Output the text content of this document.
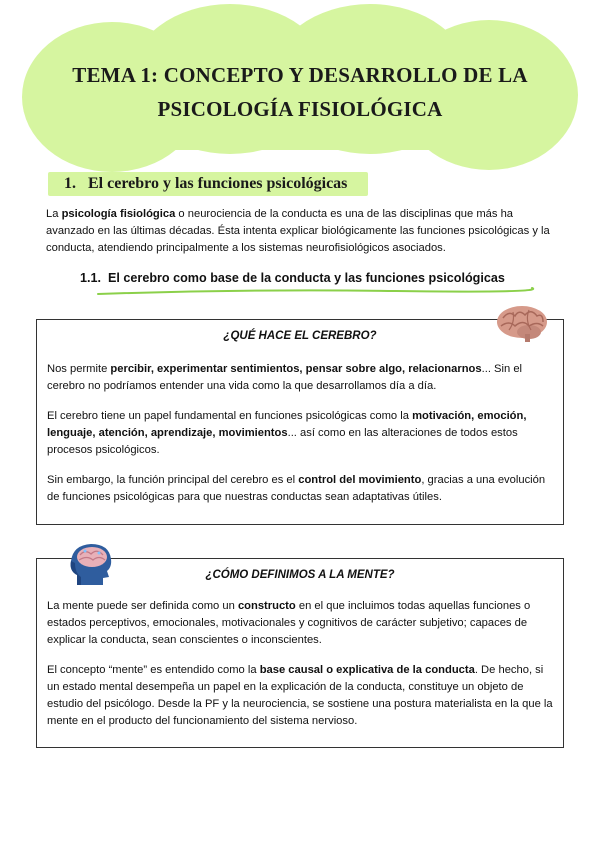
TEMA 1: CONCEPTO Y DESARROLLO DE LA
PSICOLOGÍA FISIOLÓGICA
1. El cerebro y las funciones psicológicas
La psicología fisiológica o neurociencia de la conducta es una de las disciplinas que más ha avanzado en las últimas décadas. Ésta intenta explicar biológicamente las funciones psicológicas y la conducta, atendiendo principalmente a los sistemas neurofisiológicos asociados.
1.1. El cerebro como base de la conducta y las funciones psicológicas
¿QUÉ HACE EL CEREBRO?

Nos permite percibir, experimentar sentimientos, pensar sobre algo, relacionarnos... Sin el cerebro no podríamos entender una vida como la que desarrollamos día a día.

El cerebro tiene un papel fundamental en funciones psicológicas como la motivación, emoción, lenguaje, atención, aprendizaje, movimientos... así como en las alteraciones de todos estos procesos psicológicos.

Sin embargo, la función principal del cerebro es el control del movimiento, gracias a una evolución de funciones psicológicas para que nuestras conductas sean adaptativas útiles.

¿CÓMO DEFINIMOS A LA MENTE?

La mente puede ser definida como un constructo en el que incluimos todas aquellas funciones o estados perceptivos, emocionales, motivacionales y cognitivos de carácter subjetivo; capaces de explicar la conducta, sean conscientes o inconscientes.

El concepto “mente” es entendido como la base causal o explicativa de la conducta. De hecho, si un estado mental desempeña un papel en la explicación de la conducta, constituye un objeto de estudio del psicólogo. Desde la PF y la neurociencia, se sostiene una postura materialista en la que la mente en el producto del funcionamiento del sistema nervioso.
